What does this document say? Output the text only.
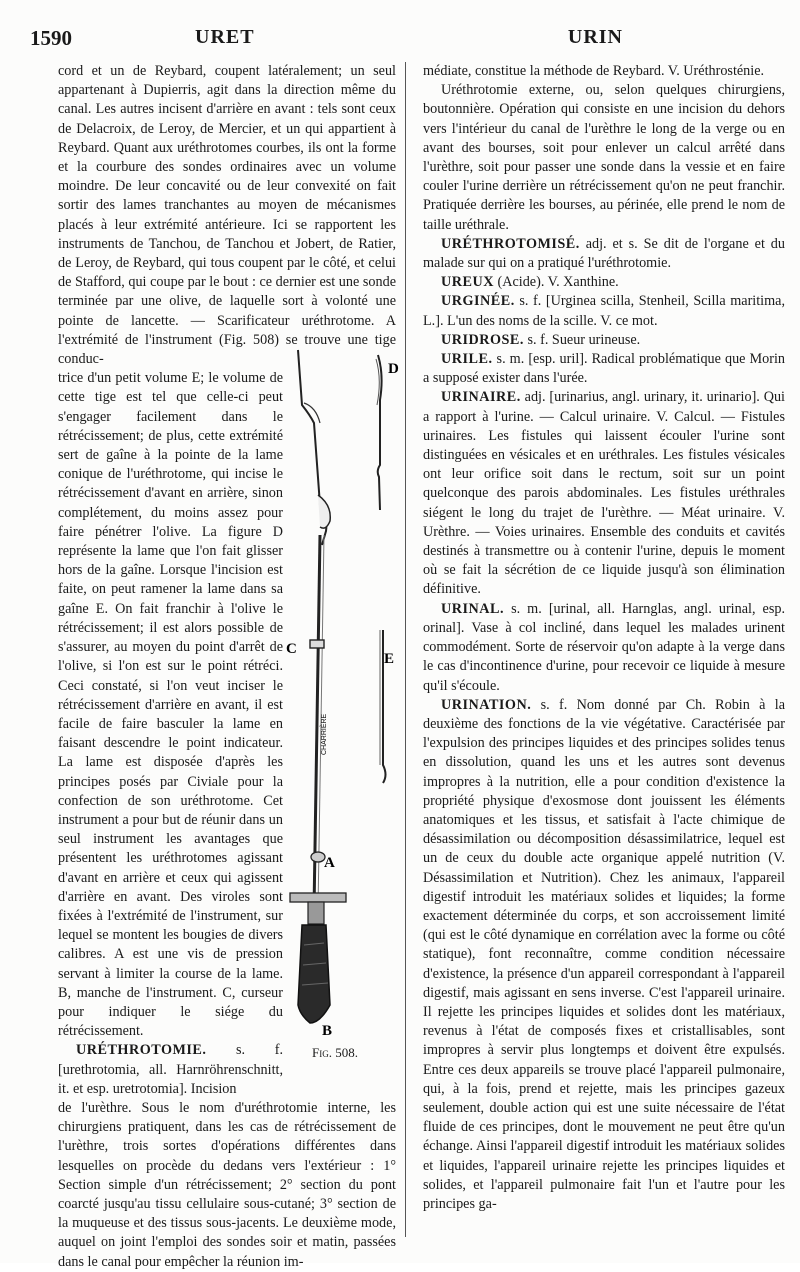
1590	URET	URIN

cord et un de Reybard, coupent latéralement; un seul appartenant à Dupierris, agit dans la direction même du canal. Les autres incisent d'arrière en avant : tels sont ceux de Delacroix, de Leroy, de Mercier, et un qui appartient à Reybard. Quant aux uréthrotomes courbes, ils ont la forme et la courbure des sondes ordinaires avec un volume moindre. De leur concavité ou de leur convexité on fait sortir des lames tranchantes au moyen de mécanismes placés à leur extrémité antérieure. Ici se rapportent les instruments de Tanchou, de Tanchou et Jobert, de Ratier, de Leroy, de Reybard, qui tous coupent par le côté, et celui de Stafford, qui coupe par le bout : ce dernier est une sonde terminée par une olive, de laquelle sort à volonté une pointe de lancette. — Scarificateur uréthrotome. A l'extrémité de l'instrument (Fig. 508) se trouve une tige conduc-

trice d'un petit volume E; le volume de cette tige est tel que celle-ci peut s'engager facilement dans le rétrécissement; de plus, cette extrémité sert de gaîne à la pointe de la lame conique de l'uréthrotome, qui incise le rétrécissement d'avant en arrière, sinon complétement, du moins assez pour faire pénétrer l'olive. La figure D représente la lame que l'on fait glisser hors de la gaîne. Lorsque l'incision est faite, on peut ramener la lame dans sa gaîne E. On fait franchir à l'olive le rétrécissement; il est alors possible de s'assurer, au moyen du point d'arrêt de l'olive, si l'on est sur le point rétréci. Ceci constaté, si l'on veut inciser le rétrécissement d'arrière en avant, il est facile de faire basculer la lame en faisant descendre le point indicateur. La lame est disposée d'après les principes posés par Civiale pour la confection de son uréthrotome. Cet instrument a pour but de réunir dans un seul instrument les avantages que présentent les uréthrotomes agissant d'avant en arrière et ceux qui agissent d'arrière en avant. Des viroles sont fixées à l'extrémité de l'instrument, sur lequel se montent les bougies de divers calibres. A est une vis de pression servant à limiter la course de la lame. B, manche de l'instrument. C, curseur pour indiquer le siége du rétrécissement.

URÉTHROTOMIE. s. f. [urethrotomia, all. Harnröhrenschnitt, it. et esp. uretrotomia]. Incision

de l'urèthre. Sous le nom d'uréthrotomie interne, les chirurgiens pratiquent, dans les cas de rétrécissement de l'urèthre, trois sortes d'opérations différentes dans lesquelles on procède du dedans vers l'extérieur : 1° Section simple d'un rétrécissement; 2° section du pont coarcté jusqu'au tissu cellulaire sous-cutané; 3° section de la muqueuse et des tissus sous-jacents. Le deuxième mode, auquel on joint l'emploi des sondes soir et matin, passées dans le canal pour empêcher la réunion im-

C
CHARRIÈRE
E
D
A
B
Fig. 508.

médiate, constitue la méthode de Reybard. V. Uréthrosténie.

Uréthrotomie externe, ou, selon quelques chirurgiens, boutonnière. Opération qui consiste en une incision du dehors vers l'intérieur du canal de l'urèthre le long de la verge ou en avant des bourses, soit pour enlever un calcul arrêté dans l'urèthre, soit pour passer une sonde dans la vessie et en faire couler l'urine derrière un rétrécissement qu'on ne peut franchir. Pratiquée derrière les bourses, au périnée, elle prend le nom de taille uréthrale.

URÉTHROTOMISÉ. adj. et s. Se dit de l'organe et du malade sur qui on a pratiqué l'uréthrotomie.

UREUX (Acide). V. Xanthine.

URGINÉE. s. f. [Urginea scilla, Stenheil, Scilla maritima, L.]. L'un des noms de la scille. V. ce mot.

URIDROSE. s. f. Sueur urineuse.

URILE. s. m. [esp. uril]. Radical problématique que Morin a supposé exister dans l'urée.

URINAIRE. adj. [urinarius, angl. urinary, it. urinario]. Qui a rapport à l'urine. — Calcul urinaire. V. Calcul. — Fistules urinaires. Les fistules qui laissent écouler l'urine sont distinguées en vésicales et en uréthrales. Les fistules vésicales ont leur orifice soit dans le rectum, soit sur un point quelconque des parois abdominales. Les fistules uréthrales siégent le long du trajet de l'urèthre. — Méat urinaire. V. Urèthre. — Voies urinaires. Ensemble des conduits et cavités destinés à transmettre ou à contenir l'urine, depuis le moment où se fait la sécrétion de ce liquide jusqu'à son élimination définitive.

URINAL. s. m. [urinal, all. Harnglas, angl. urinal, esp. orinal]. Vase à col incliné, dans lequel les malades urinent commodément. Sorte de réservoir qu'on adapte à la verge dans le cas d'incontinence d'urine, pour recevoir ce liquide à mesure qu'il s'écoule.

URINATION. s. f. Nom donné par Ch. Robin à la deuxième des fonctions de la vie végétative. Caractérisée par l'expulsion des principes liquides et des principes solides tenus en dissolution, quand les uns et les autres sont devenus impropres à la nutrition, elle a pour condition d'existence la propriété physique d'exosmose dont jouissent les éléments anatomiques et les tissus, et satisfait à l'acte chimique de désassimilation ou décomposition désassimilatrice, lequel est un de ceux du double acte organique appelé nutrition (V. Désassimilation et Nutrition). Chez les animaux, l'appareil digestif introduit les matériaux solides et liquides; la forme exactement déterminée du corps, et son accroissement limité (qui est le côté dynamique en corrélation avec la forme ou côté statique), font reconnaître, comme condition nécessaire d'existence, la présence d'un appareil correspondant à l'appareil digestif, mais agissant en sens inverse. C'est l'appareil urinaire. Il rejette les principes liquides et solides dont les matériaux, revenus à l'état de composés fixes et cristallisables, sont impropres à servir plus longtemps et doivent être expulsés. Entre ces deux appareils se trouve placé l'appareil pulmonaire, qui, à la fois, prend et rejette, mais les principes gazeux seulement, double action qui est une suite nécessaire de l'état fluide de ces principes, dont le mouvement ne peut être qu'un échange. Ainsi l'appareil digestif introduit les matériaux solides et liquides, l'appareil urinaire rejette les principes liquides et solides, et l'appareil pulmonaire fait l'un et l'autre pour les principes ga-
